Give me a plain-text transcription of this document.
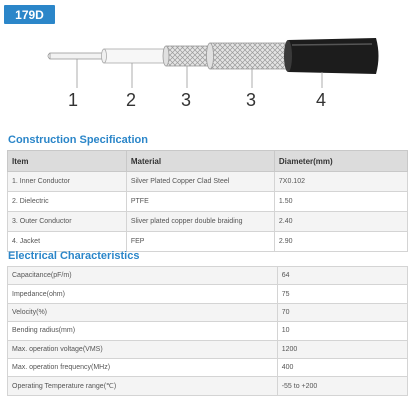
179D
1	2 3	3	4
Construction Specification
Item	Material	Diameter(mm)
1. Inner Conductor	Silver Plated Copper Clad Steel	7X0.102
2. Dielectric	PTFE	1.50
3. Outer Conductor	Sliver plated copper double braiding	2.40
4. Jacket	FEP	2.90
Electrical Characteristics
Capacitance(pF/m)	64
Impedance(ohm)	75
Velocity(%)	70
Bending radius(mm)	10
Max. operation voltage(VMS)	1200
Max. operation frequency(MHz)	400
Operating Temperature range(℃)	-55 to +200
